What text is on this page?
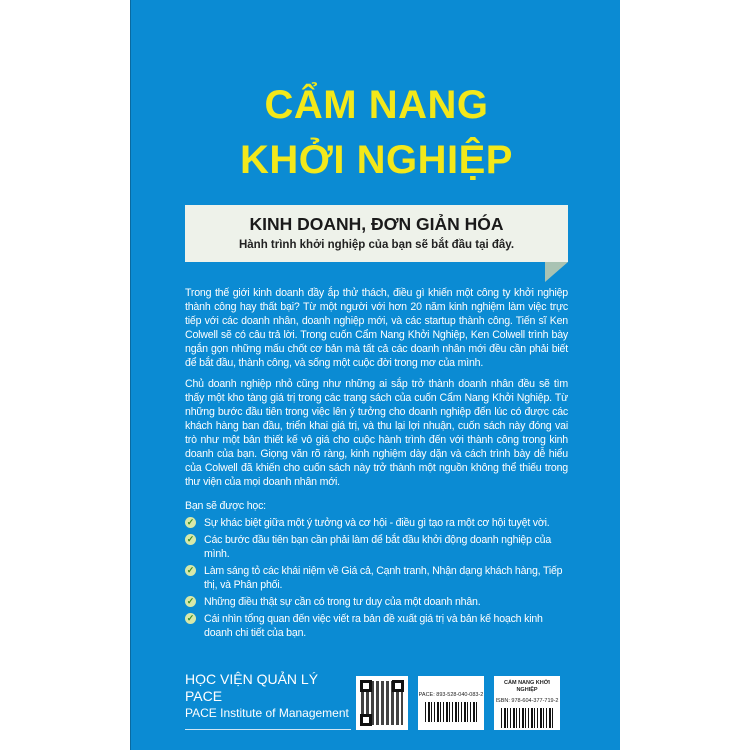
CẨM NANG
KHỞI NGHIỆP
KINH DOANH, ĐƠN GIẢN HÓA
Hành trình khởi nghiệp của bạn sẽ bắt đầu tại đây.
Trong thế giới kinh doanh đầy ắp thử thách, điều gì khiến một công ty khởi nghiệp thành công hay thất bại? Từ một người với hơn 20 năm kinh nghiệm làm việc trực tiếp với các doanh nhân, doanh nghiệp mới, và các startup thành công. Tiến sĩ Ken Colwell sẽ có câu trả lời. Trong cuốn Cẩm Nang Khởi Nghiệp, Ken Colwell trình bày ngắn gọn những mấu chốt cơ bản mà tất cả các doanh nhân mới đều cần phải biết để bắt đầu, thành công, và sống một cuộc đời trong mơ của mình.
Chủ doanh nghiệp nhỏ cũng như những ai sắp trở thành doanh nhân đều sẽ tìm thấy một kho tàng giá trị trong các trang sách của cuốn Cẩm Nang Khởi Nghiệp. Từ những bước đầu tiên trong việc lên ý tưởng cho doanh nghiệp đến lúc có được các khách hàng ban đầu, triển khai giá trị, và thu lại lợi nhuận, cuốn sách này đóng vai trò như một bản thiết kế vô giá cho cuộc hành trình đến với thành công trong kinh doanh của bạn. Giọng văn rõ ràng, kinh nghiệm dày dặn và cách trình bày dễ hiểu của Colwell đã khiến cho cuốn sách này trở thành một nguồn không thể thiếu trong thư viện của mọi doanh nhân mới.
Bạn sẽ được học:
✓ Sự khác biệt giữa một ý tưởng và cơ hội - điều gì tạo ra một cơ hội tuyệt vời.
✓ Các bước đầu tiên bạn cần phải làm để bắt đầu khởi động doanh nghiệp của mình.
✓ Làm sáng tỏ các khái niệm về Giá cả, Cạnh tranh, Nhận dạng khách hàng, Tiếp thị, và Phân phối.
✓ Những điều thật sự cần có trong tư duy của một doanh nhân.
✓ Cái nhìn tổng quan đến việc viết ra bản đề xuất giá trị và bản kế hoạch kinh doanh chi tiết của bạn.
HỌC VIỆN QUẢN LÝ PACE
PACE Institute of Management
PACE: 893-528-040-083-2
CẨM NANG KHỞI NGHIỆP
ISBN: 978-604-377-719-2
